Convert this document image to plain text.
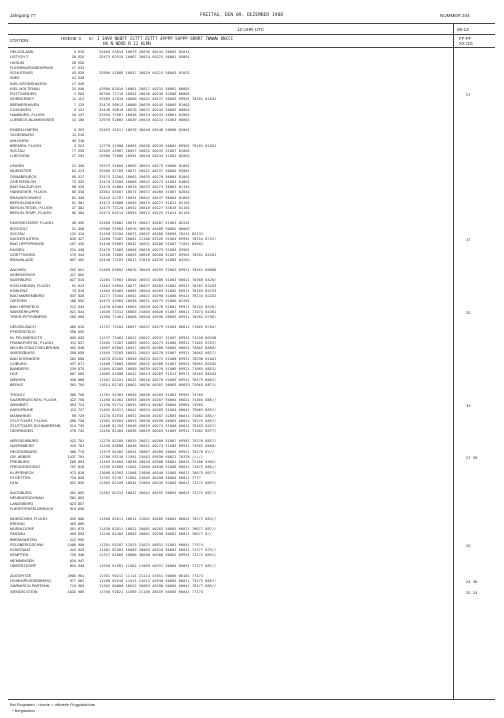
Jahrgang 77	FREITAG, DEN 09. DEZEMBER 1988	NUMMER 344
12 UHR UTC	06-12
STATION	HOEHE II III I IHVV NDDFF ISTTT ZSTTT 4PPPP 5APPP 6RRRT 7WWWW 8NCCC
HX N NDDD R 12 HLMH
FF-FF
XX GG
HELGOLAND	4 015	32484 53014 10079 20036 40244 50003 82031
LIST/SYLT	26 020	32475 62915 10067 20024 40225 50001 84001
HUSUM	28 026
FLENSBURG/MEIERWIK	27 033
SCHLESWIG	43 035	32960 42809 10057 20029 40223 58003 81032
WIEK	12 038
KIEL-KRONSHAGEN	17 045
KIEL-HOLTENAU	31 046	42960 62810 10061 20017 40232 58001 80001
PUTTGARDEN	1 063	36760 72716 10054 20036 40236 52006 80004	27
NORDERNEY	11 113	32565 47810 10060 20042 40237 50003 69901 70281 81832
BREMERHAVEN	7 129	32470 50612 10060 20039 40245 50005 81002
CUXHAVEN	5 131	32440 50610 10070 20022 40244 50003 80002
HAMBURG, FLUGH.	16 147	32594 72907 10058 20024 40233 50001 81002
LUEBECK-BLANKENSEE	14 156	32970 52005 10049 20018 40231 51003 80001
EMDEN-HAFEN	5 203	32463 42511 10070 20040 40248 50008 82001
OLDENBURG	11 215
AHLHORN	49 218
BREMEN, FLUGH.	3 224	11770 22908 10063 20038 40235 50001 69901 70181 81001
SOLTAU	77 235	32565 45907 10057 20032 40233 51007 81002
LUECHOW	17 253	32968 72906 10054 20040 40244 51002 82002
LINGEN	21 305	32575 32605 10059 20033 40273 50000 81001
MUENSTER	62 313	32560 52705 10072 20042 40237 50004 83001
OSNABRUECK	95 317	32575 32504 10063 20035 40270 50005 81001
GUETERSLOH	72 320	32470 53505 10068 20042 40273 51003 84002
BAD SALZUFLEN	98 325	32470 42804 10070 20033 40273 50003 81101
HANNOVER, FLUGH.	50 338	32562 63507 10074 20037 40266 51007 82042
BRAUNSCHWEIG	81 348	32444 42707 10054 20042 40247 50004 81002
BERLIN-DAHLEM	51 381	32472 43008 10050 20015 40227 51011 82102
BERLIN-TEGEL, FLUGH.	37 382	32475 73120 10052 20016 40227 53016 81101
BERLIN-TEMP., FLUGH.	50 384	32475 63114 10053 20012 40225 51014 81102
DUESSELDORF, FLUGH.	45 400	32460 53002 10074 20047 40287 51003 82201
BOCHOLT	21 408	32966 32903 10076 20038 40289 50002 80002
SOLTAU	132 410	31358 33104 10071 20032 40286 50003 70241 82231
KAHLER ASTEN	839 427	11260 73407 10001 21106 45526 51004 69901 70254 8722/	27
BAD LIPPSPRINGE	157 430	31440 53003 10042 20031 40280 51007 71041 85601
KASSEL	231 438	32470 73305 10056 20010 40275 51005 83901
GOETTINGEN	175 444	11550 72605 10055 20026 40268 51007 69901 70281 84201
BRAUNLAGE	607 452	32440 73103 10013 21010 40239 51005 84202
AACHEN	202 501	31460 63602 10070 20049 40293 52003 69921 70261 86800
NOERVENICH	117 502
NUERBURG	627 510	11264 72903 10040 20033 40288 51003 60021 70360 8420/
KOELN/BONN, FLUGH.	91 513	11463 53604 10077 20037 40283 52002 69911 70162 83203
KOBLENZ	75 515	11465 63403 10085 20044 40283 52002 69911 70163 85233
BAD MARIENBERG	547 526	11277 73104 10041 20021 40298 51008 69421 70134 82202
GIESSEN	186 532	32475 43302 10058 20031 40275 51006 82201
BAD HERSFELD	212 542	12470 63404 10063 20028 40276 52002 69911 70162 8320/
WASSERKUPPE	921 544	11036 73312 10003 21004 40026 51007 60011 71074 84301	25
TRIER-PETRISBERG	265 609	11360 72401 10068 20040 40296 50003 69911 70262 8796/
DEUSELBACH	480 615	11757 73104 10057 20037 40279 51004 60011 71065 8784/
PFERDSFELD	396 620
KL.FELDBERG/TS.	805 635	11237 73403 10022 20022 40537 51007 69951 74150 86208
FRANKFURT/M., FLUGH.	111 637	11265 72307 10063 20051 40273 51006 69921 71062 8763/
MICHELSTADT/VIELBRUNN	402 648	11007 82603 10037 20035 40288 50005 60021 74062 8806/
WUERZBURG	268 655	11465 73203 10051 20042 40278 51007 69921 70062 8627/
BAD KISSINGEN	282 658	11070 83104 10050 20033 40272 51008 69921 70296 81001
COBURG	337 671	11460 73003 10050 20032 40266 51007 69921 70061 86202
BAMBERG	239 675	11465 83405 10050 20039 40270 51006 69921 71065 8853/
HOF	567 685	11065 63506 10022 20013 40269 51013 69971 70262 88203
WEIDEN	438 688	11101 82101 10022 20010 40270 51009 69911 76475 8862/
BERUS	363 704	11014 82703 10062 20036 40287 50003 60033 72063 8871/
THOLEY	386 706	11761 92303 10050 20030 40285 51003 69981 74765
SAARBRUECKEN, FLUGH.	322 708	11260 82402 10053 20049 40287 50004 60021 74465 886//
WEINBIET	553 724	11150 92712 10031 20024 40282 50004 69881 74965	33
KARLSRUHE	112 727	11465 82311 10041 20034 40285 51004 60041 75065 8857/
MANNHEIM	96 729	11135 81935 10052 20046 40287 52003 60011 71062 885//
STUTTGART, FLUGH.	396 738	11262 82504 10023 20038 40290 50003 60021 70275 8857/
STUTTGART-SCHNARRENB.	314 739	11468 81703 10036 20029 40274 51008 60021 70163 8457/
OEHRINGEN	276 742	11450 82404 10036 20029 40265 51009 69911 71062 8977/
WEISSENBURG	422 761	11270 82105 10019 20011 40280 51007 69961 75176 8857/
NUERNBERG	319 763	11250 83608 10046 20031 40274 51006 69941 74962 8850/
REGENSBURG	366 776	11379 82402 10024 20007 40280 50004 69921 70276 87//
GR. ARBER	1437 791	11700 93118 11941 21043 49930 60021 70376 /////	27 39
FREIBURG	269 803	11465 81804 10038 20020 40308 50001 60031 72166 8582/
FREUDENSTADT	797 815	11256 82609 11001 21004 40340 51006 60011 71072 886//
KLIPPENECK	973 818	11008 83303 11008 21008 40340 51005 60071 76675 8677/
STOETTEN	734 828	11702 92707 11001 21005 40290 50004 60011 7777
ULM	522 835	11365 82109 10034 21004 40249 52003 60021 72272 8897/
AUGSBURG	461 852	11362 82312 10012 20042 40292 50003 60021 72272 887//
NEUBURG/DONAU	381 853
LANDSBERG	623 857
FUERSTENFELDBRUCK	519 858
MUENCHEN, FLUGH.	530 866	11368 82611 10014 21001 40285 50004 60041 70272 883//
ERDING	463 869
MUEHLDORF	401 875	11458 82811 10012 20002 40283 50003 60011 76677 887//
PASSAU	409 893	11240 82402 10003 20001 40290 50002 60021 76677 8//
BREMGARTEN	212 900
FELDBERG/SCHW.	1486 908	11701 93107 11023 21023 48931 51001 60041 77974	25
KONSTANZ	443 929	11362 82303 10009 20004 40310 50003 60031 72277 875//
KEMPTEN	705 946	11357 81805 10000 20000 40308 50002 69931 72272 8851/
MEMMINGEN	634 947
OBERSTDORF	810 948	11550 81901 11002 21009 40331 50004 60091 77177 887//
ZUGSPITZE	2960 961	11701 90212 11114 21114 47051 50006 60181 77474
HOHENPEISSENBERG	977 962	11268 82518 11013 21013 40330 50003 60011 73572 8857/	24 36
GARMISCH-PARTENK.	719 963	11362 80000 10022 20003 40298 50005 60041 76477 885//
WENDELSTEIN	1832 980	11700 92821 11090 21106 48559 50005 60041 77174	25 24
Bei Flughafen - Hoehe = offizielle Flugplatzhöhe
* Bergstation
